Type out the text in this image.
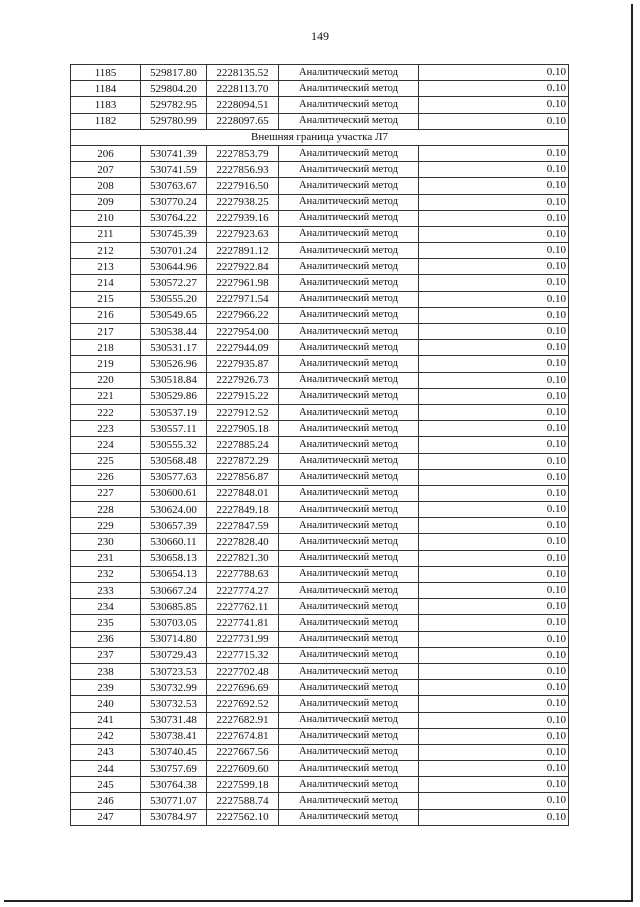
149
1185	529817.80	2228135.52	Аналитический метод	0.10
1184	529804.20	2228113.70	Аналитический метод	0.10
1183	529782.95	2228094.51	Аналитический метод	0.10
1182	529780.99	2228097.65	Аналитический метод	0.10
Внешняя граница участка Л7				
206	530741.39	2227853.79	Аналитический метод	0.10
207	530741.59	2227856.93	Аналитический метод	0.10
208	530763.67	2227916.50	Аналитический метод	0.10
209	530770.24	2227938.25	Аналитический метод	0.10
210	530764.22	2227939.16	Аналитический метод	0.10
211	530745.39	2227923.63	Аналитический метод	0.10
212	530701.24	2227891.12	Аналитический метод	0.10
213	530644.96	2227922.84	Аналитический метод	0.10
214	530572.27	2227961.98	Аналитический метод	0.10
215	530555.20	2227971.54	Аналитический метод	0.10
216	530549.65	2227966.22	Аналитический метод	0.10
217	530538.44	2227954.00	Аналитический метод	0.10
218	530531.17	2227944.09	Аналитический метод	0.10
219	530526.96	2227935.87	Аналитический метод	0.10
220	530518.84	2227926.73	Аналитический метод	0.10
221	530529.86	2227915.22	Аналитический метод	0.10
222	530537.19	2227912.52	Аналитический метод	0.10
223	530557.11	2227905.18	Аналитический метод	0.10
224	530555.32	2227885.24	Аналитический метод	0.10
225	530568.48	2227872.29	Аналитический метод	0.10
226	530577.63	2227856.87	Аналитический метод	0.10
227	530600.61	2227848.01	Аналитический метод	0.10
228	530624.00	2227849.18	Аналитический метод	0.10
229	530657.39	2227847.59	Аналитический метод	0.10
230	530660.11	2227828.40	Аналитический метод	0.10
231	530658.13	2227821.30	Аналитический метод	0.10
232	530654.13	2227788.63	Аналитический метод	0.10
233	530667.24	2227774.27	Аналитический метод	0.10
234	530685.85	2227762.11	Аналитический метод	0.10
235	530703.05	2227741.81	Аналитический метод	0.10
236	530714.80	2227731.99	Аналитический метод	0.10
237	530729.43	2227715.32	Аналитический метод	0.10
238	530723.53	2227702.48	Аналитический метод	0.10
239	530732.99	2227696.69	Аналитический метод	0.10
240	530732.53	2227692.52	Аналитический метод	0.10
241	530731.48	2227682.91	Аналитический метод	0.10
242	530738.41	2227674.81	Аналитический метод	0.10
243	530740.45	2227667.56	Аналитический метод	0.10
244	530757.69	2227609.60	Аналитический метод	0.10
245	530764.38	2227599.18	Аналитический метод	0.10
246	530771.07	2227588.74	Аналитический метод	0.10
247	530784.97	2227562.10	Аналитический метод	0.10
